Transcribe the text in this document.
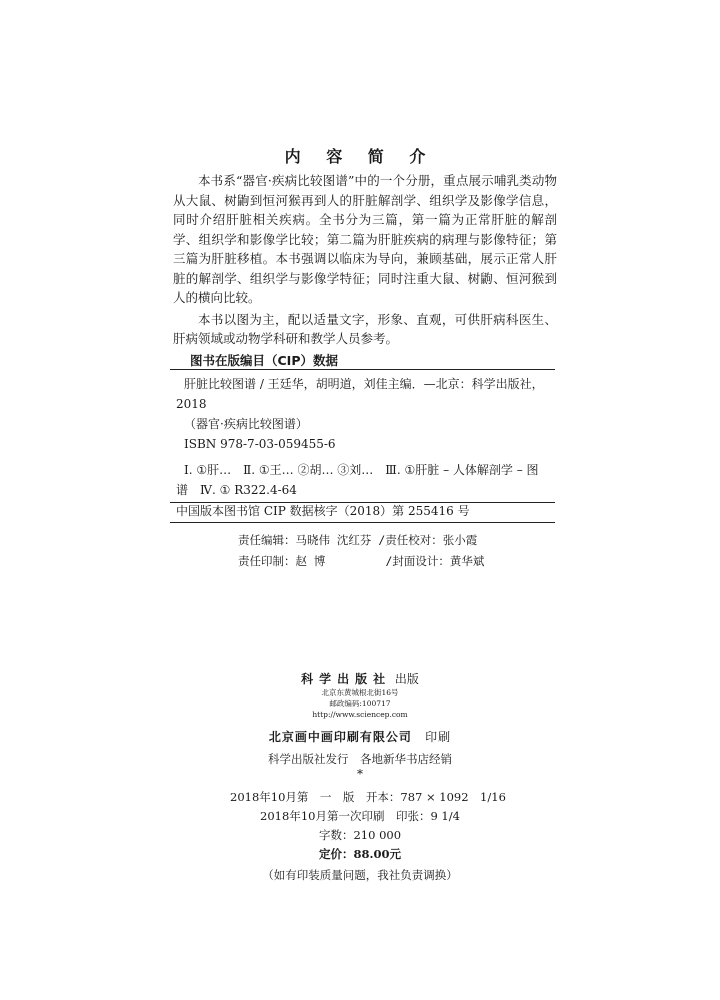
内 容 简 介

本书系“器官·疾病比较图谱”中的一个分册，重点展示哺乳类动物从大鼠、树鼩到恒河猴再到人的肝脏解剖学、组织学及影像学信息，同时介绍肝脏相关疾病。全书分为三篇，第一篇为正常肝脏的解剖学、组织学和影像学比较；第二篇为肝脏疾病的病理与影像特征；第三篇为肝脏移植。本书强调以临床为导向，兼顾基础，展示正常人肝脏的解剖学、组织学与影像学特征；同时注重大鼠、树鼩、恒河猴到人的横向比较。

本书以图为主，配以适量文字，形象、直观，可供肝病科医生、肝病领域或动物学科研和教学人员参考。

图书在版编目（CIP）数据
肝脏比较图谱 / 王廷华，胡明道，刘佳主编．—北京：科学出版社，
2018
（器官·疾病比较图谱）
ISBN 978-7-03-059455-6
Ⅰ. ①肝…　Ⅱ. ①王… ②胡… ③刘…　Ⅲ. ①肝脏 – 人体解剖学 – 图
谱　Ⅳ. ① R322.4-64
中国版本图书馆 CIP 数据核字（2018）第 255416 号
责任编辑：马晓伟 沈红芬 /责任校对：张小霞
责任印制：赵 博	/封面设计：黄华斌
科学出版社 出版
北京东黄城根北街16号
邮政编码:100717
http://www.sciencep.com
北京画中画印刷有限公司 印刷
科学出版社发行　各地新华书店经销
*
2018年10月第　一　版　开本：787 × 1092　1/16
2018年10月第一次印刷　印张：9 1/4
字数：210 000
定价：88.00元
（如有印装质量问题，我社负责调换）
